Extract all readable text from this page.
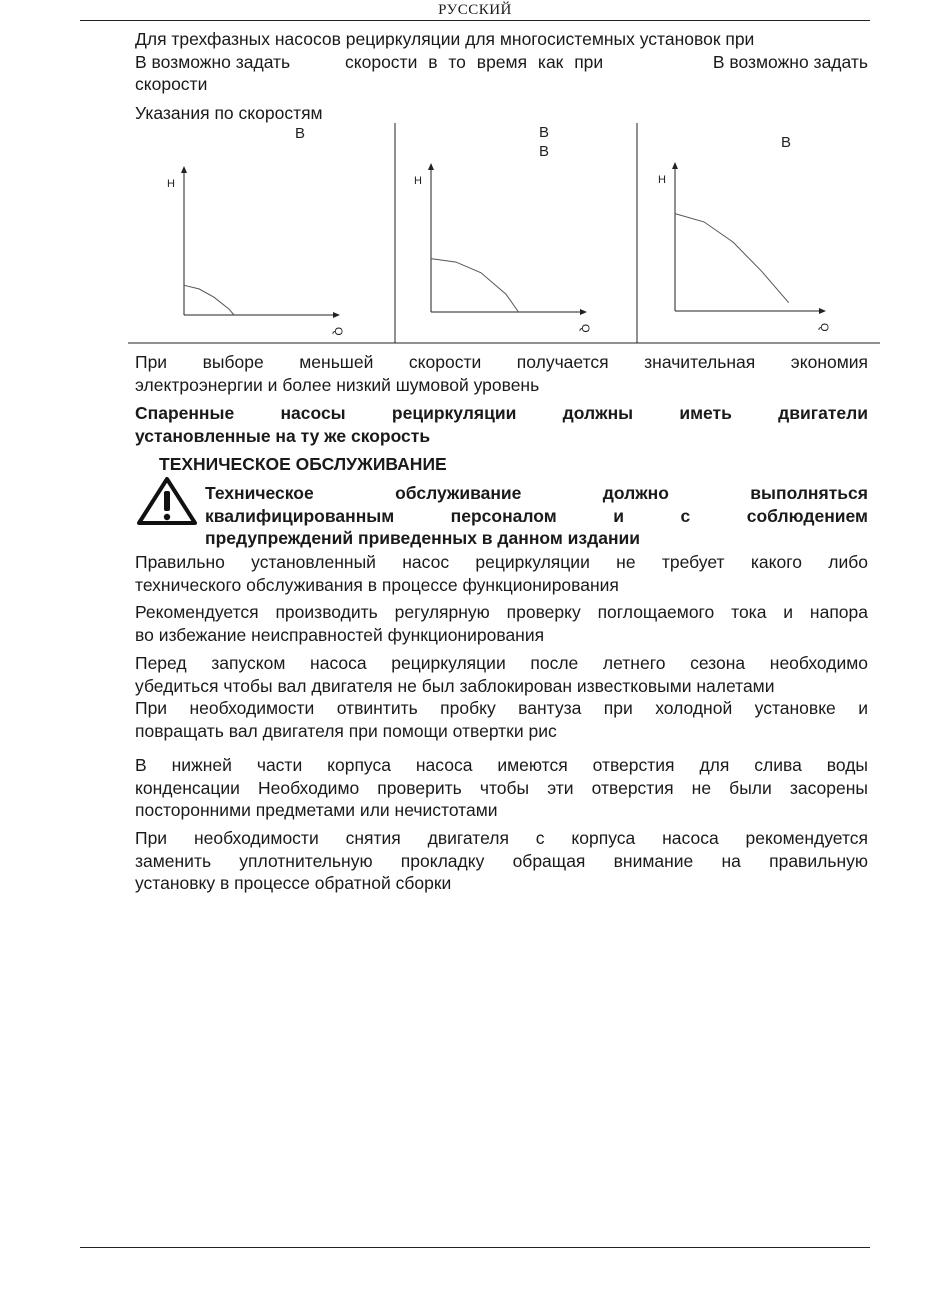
РУССКИЙ
Для трехфазных насосов рециркуляции для многосистемных установок при
В возможно задать	скорости в то время как при	В возможно задать
скорости
Указания по скоростям
H
Q
В
H
Q
В
В
H
Q
В
При выборе меньшей скорости получается значительная экономия
электроэнергии и более низкий шумовой уровень
Спаренные насосы рециркуляции должны иметь двигатели
установленные на ту же скорость
ТЕХНИЧЕСКОЕ ОБСЛУЖИВАНИЕ
Техническое обслуживание должно выполняться
квалифицированным персоналом и с соблюдением
предупреждений приведенных в данном издании
Правильно установленный насос рециркуляции не требует какого либо
технического обслуживания в процессе функционирования
Рекомендуется производить регулярную проверку поглощаемого тока и напора
во избежание неисправностей функционирования
Перед запуском насоса рециркуляции после летнего сезона необходимо
убедиться чтобы вал двигателя не был заблокирован известковыми налетами
При необходимости отвинтить пробку вантуза при холодной установке и
повращать вал двигателя при помощи отвертки рис
В нижней части корпуса насоса имеются отверстия для слива воды
конденсации Необходимо проверить чтобы эти отверстия не были засорены
посторонними предметами или нечистотами
При необходимости снятия двигателя с корпуса насоса рекомендуется
заменить уплотнительную прокладку обращая внимание на правильную
установку в процессе обратной сборки
